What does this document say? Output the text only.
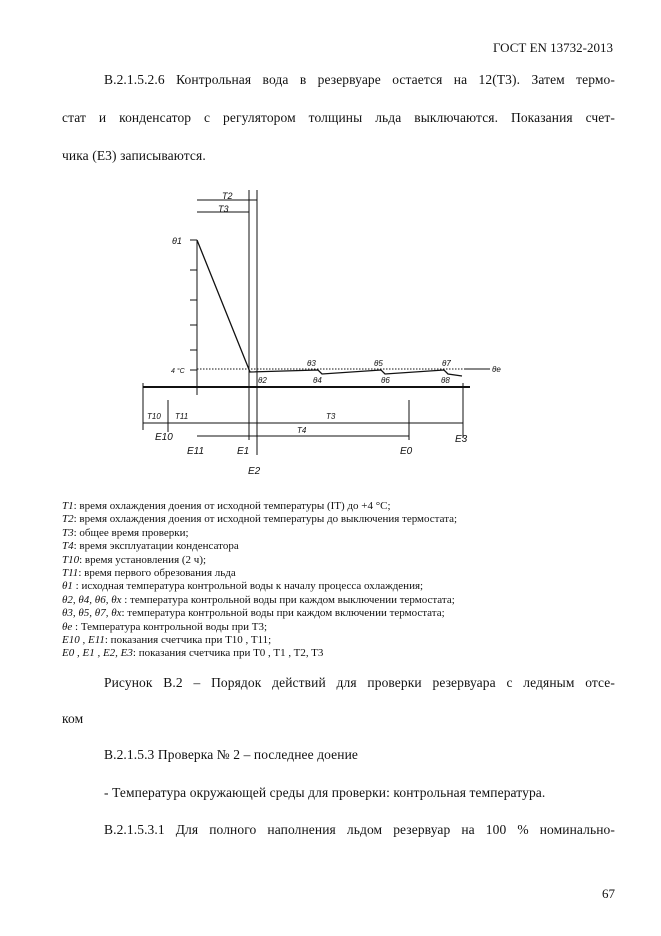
ГОСТ EN 13732-2013
В.2.1.5.2.6 Контрольная вода в резервуаре остается на 12(Т3). Затем термо-
стат и конденсатор с регулятором толщины льда выключаются. Показания счет-
чика (E3) записываются.
T2
T3
θ1
4 °C
θ2
θ3
θ4
θ5
θ6
θ7
θ8
θe
T10 T11	T3
T4
E10
E11	E1
E2
E0
E3
T1: время охлаждения доения от исходной температуры (IT) до +4 °C;
T2: время охлаждения доения от исходной температуры до выключения термостата;
T3: общее время проверки;
T4: время эксплуатации конденсатора
T10: время установления (2 ч);
T11: время первого обрезования льда
θ1 : исходная температура контрольной воды к началу процесса охлаждения;
θ2, θ4, θ6, θx : температура контрольной воды при каждом выключении термостата;
θ3, θ5, θ7, θx: температура контрольной воды при каждом включении термостата;
θe : Температура контрольной воды при T3;
E10 , E11: показания счетчика при T10 , T11;
E0 , E1 , E2, E3: показания счетчика при T0 , T1 , T2, T3
Рисунок В.2 – Порядок действий для проверки резервуара с ледяным отсе-
ком
В.2.1.5.3 Проверка № 2 – последнее доение
- Температура окружающей среды для проверки: контрольная температура.
В.2.1.5.3.1 Для полного наполнения льдом резервуар на 100 % номинально-
67
